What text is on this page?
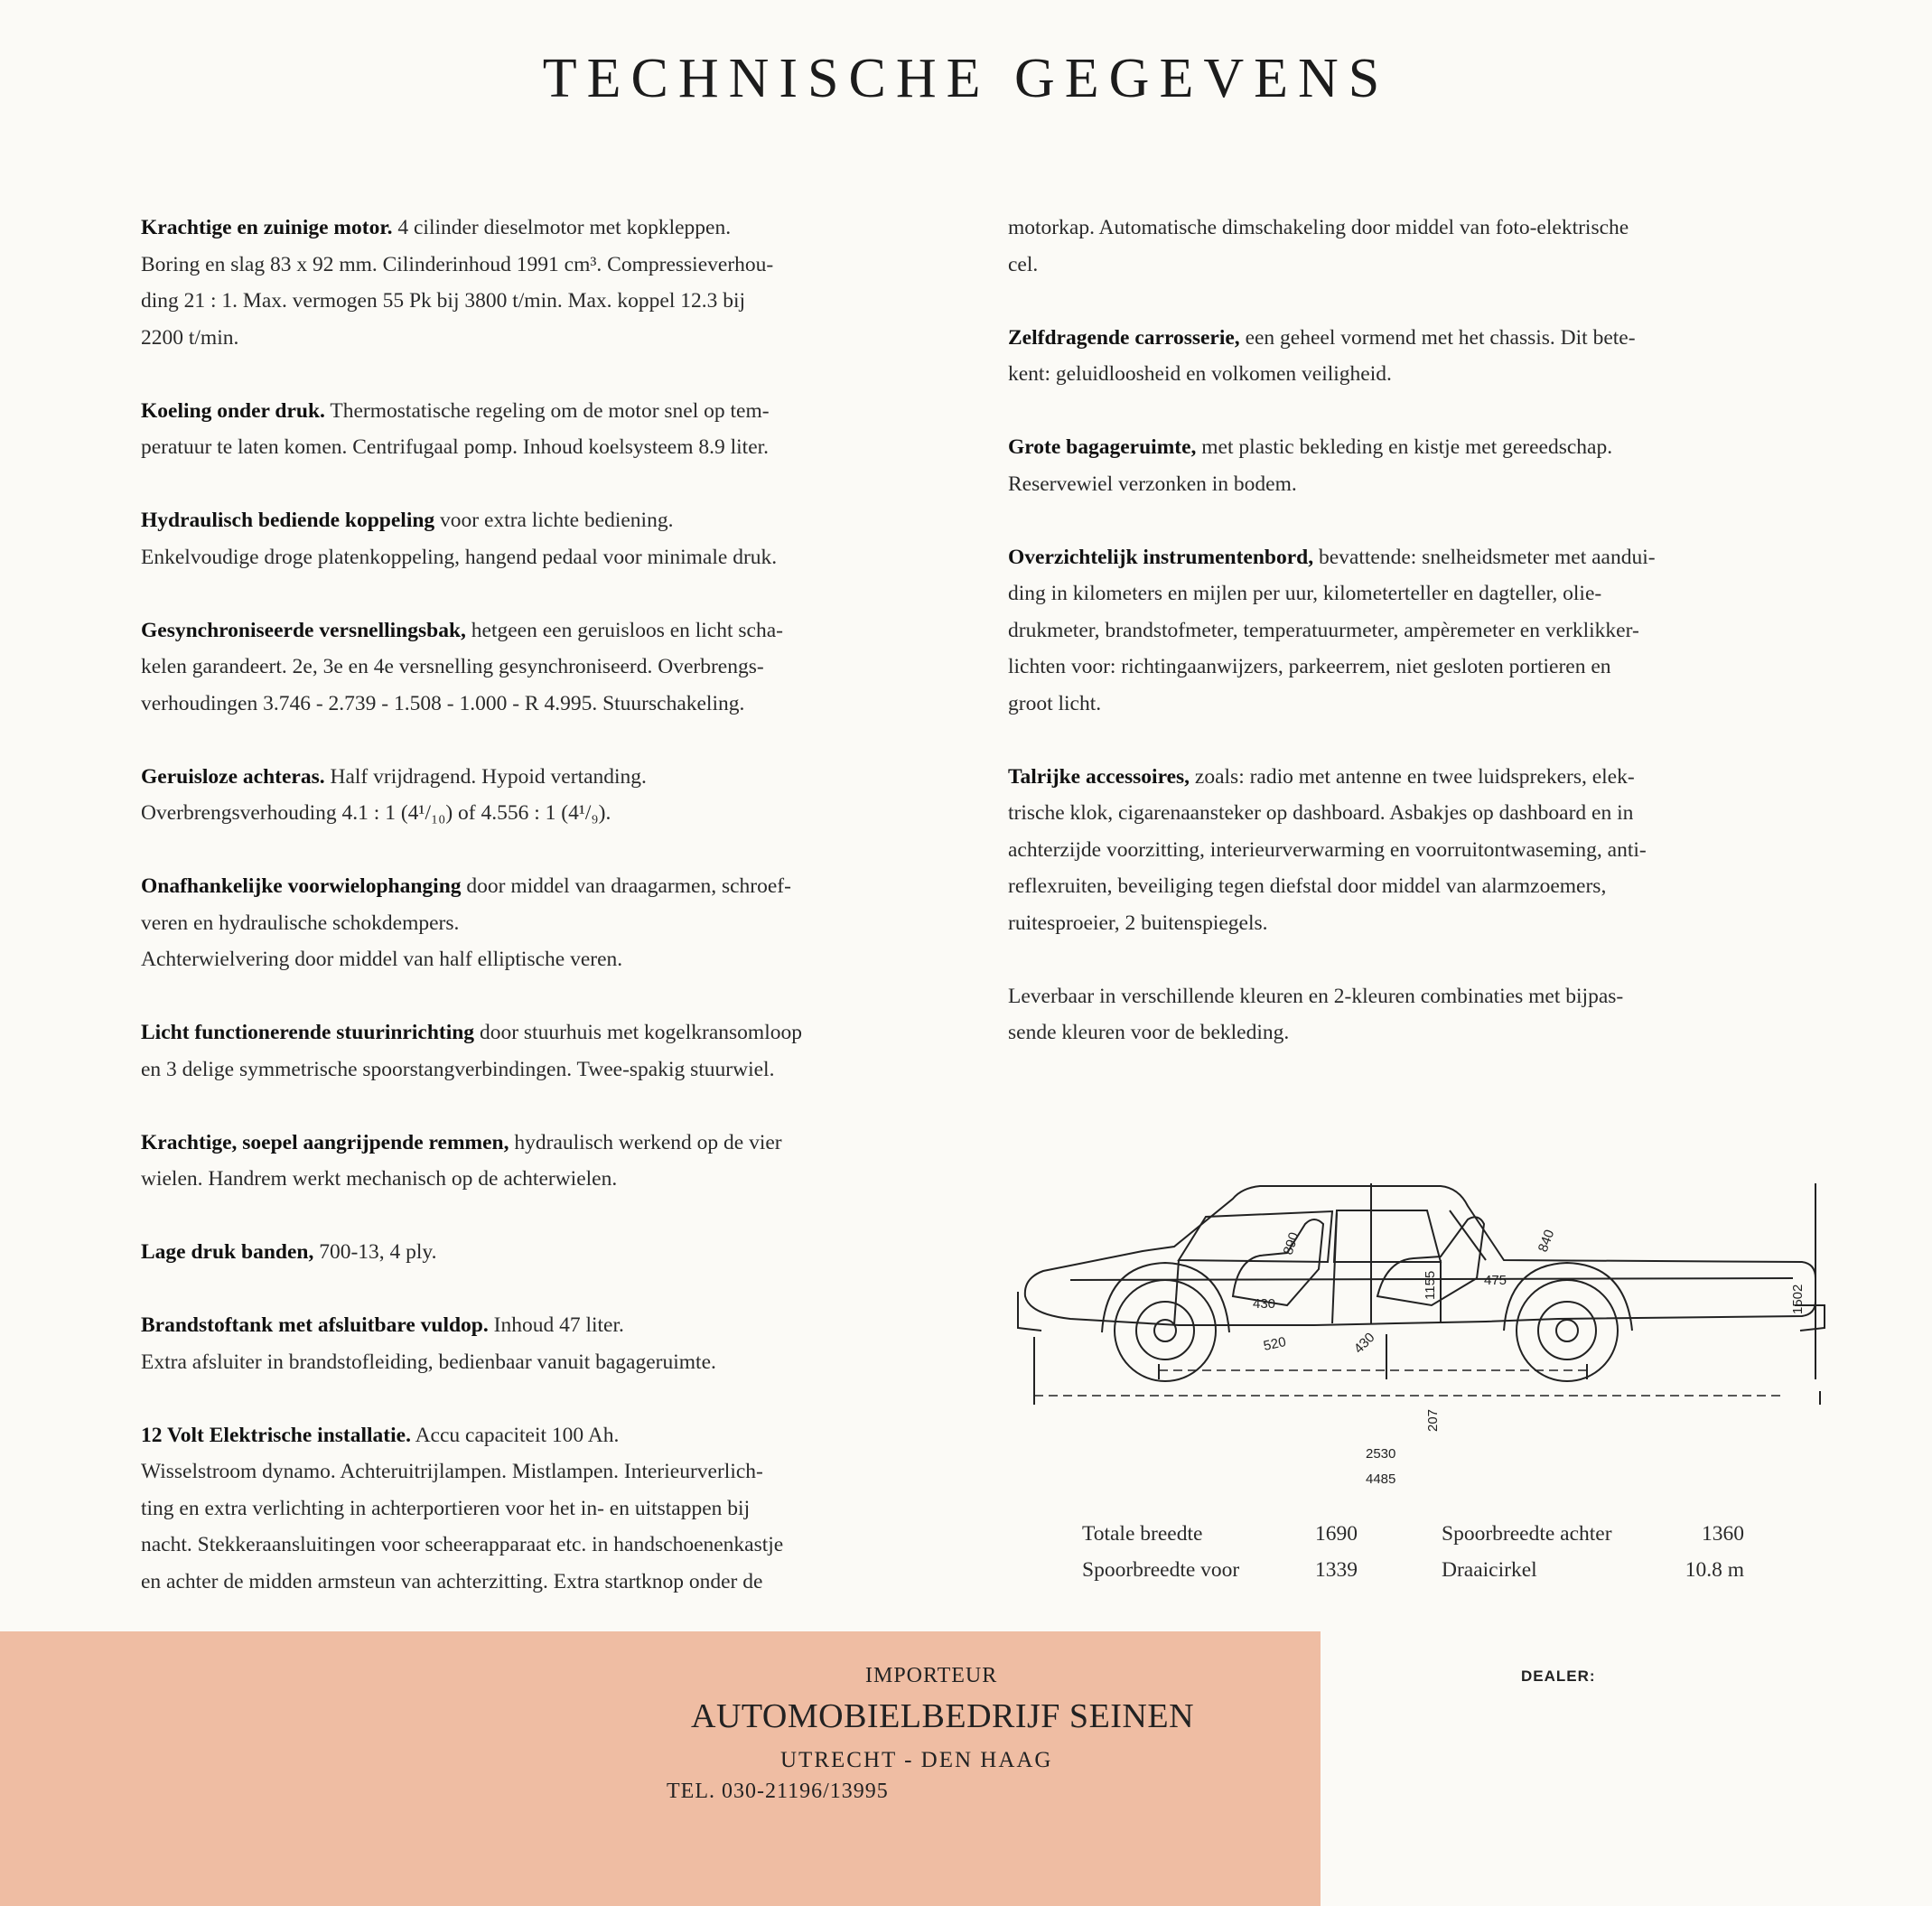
TECHNISCHE GEGEVENS

Krachtige en zuinige motor. 4 cilinder dieselmotor met kopkleppen.
Boring en slag 83 x 92 mm. Cilinderinhoud 1991 cm³. Compressieverhou-
ding 21 : 1. Max. vermogen 55 Pk bij 3800 t/min. Max. koppel 12.3 bij
2200 t/min.

Koeling onder druk. Thermostatische regeling om de motor snel op tem-
peratuur te laten komen. Centrifugaal pomp. Inhoud koelsysteem 8.9 liter.

Hydraulisch bediende koppeling voor extra lichte bediening.
Enkelvoudige droge platenkoppeling, hangend pedaal voor minimale druk.

Gesynchroniseerde versnellingsbak, hetgeen een geruisloos en licht scha-
kelen garandeert. 2e, 3e en 4e versnelling gesynchroniseerd. Overbrengs-
verhoudingen 3.746 - 2.739 - 1.508 - 1.000 - R 4.995. Stuurschakeling.

Geruisloze achteras. Half vrijdragend. Hypoid vertanding.
Overbrengsverhouding 4.1 : 1 (4¹/₁₀) of 4.556 : 1 (4¹/₉).

Onafhankelijke voorwielophanging door middel van draagarmen, schroef-
veren en hydraulische schokdempers.
Achterwielvering door middel van half elliptische veren.

Licht functionerende stuurinrichting door stuurhuis met kogelkransomloop
en 3 delige symmetrische spoorstangverbindingen. Twee-spakig stuurwiel.

Krachtige, soepel aangrijpende remmen, hydraulisch werkend op de vier
wielen. Handrem werkt mechanisch op de achterwielen.

Lage druk banden, 700-13, 4 ply.

Brandstoftank met afsluitbare vuldop. Inhoud 47 liter.
Extra afsluiter in brandstofleiding, bedienbaar vanuit bagageruimte.

12 Volt Elektrische installatie. Accu capaciteit 100 Ah.
Wisselstroom dynamo. Achteruitrijlampen. Mistlampen. Interieurverlich-
ting en extra verlichting in achterportieren voor het in- en uitstappen bij
nacht. Stekkeraansluitingen voor scheerapparaat etc. in handschoenenkastje
en achter de midden armsteun van achterzitting. Extra startknop onder de

motorkap. Automatische dimschakeling door middel van foto-elektrische
cel.

Zelfdragende carrosserie, een geheel vormend met het chassis. Dit bete-
kent: geluidloosheid en volkomen veiligheid.

Grote bagageruimte, met plastic bekleding en kistje met gereedschap.
Reservewiel verzonken in bodem.

Overzichtelijk instrumentenbord, bevattende: snelheidsmeter met aandui-
ding in kilometers en mijlen per uur, kilometerteller en dagteller, olie-
drukmeter, brandstofmeter, temperatuurmeter, ampèremeter en verklikker-
lichten voor: richtingaanwijzers, parkeerrem, niet gesloten portieren en
groot licht.

Talrijke accessoires, zoals: radio met antenne en twee luidsprekers, elek-
trische klok, cigarenaansteker op dashboard. Asbakjes op dashboard en in
achterzijde voorzitting, interieurverwarming en voorruitontwaseming, anti-
reflexruiten, beveiliging tegen diefstal door middel van alarmzoemers,
ruitesproeier, 2 buitenspiegels.

Leverbaar in verschillende kleuren en 2-kleuren combinaties met bijpas-
sende kleuren voor de bekleding.

1502
890	840
430
520	430
1155	475
207
2530
4485
Totale breedte	1690	Spoorbreedte achter	1360
Spoorbreedte voor	1339	Draaicirkel	10.8 m
IMPORTEUR
AUTOMOBIELBEDRIJF SEINEN
UTRECHT - DEN HAAG
TEL. 030-21196/13995
DEALER:
